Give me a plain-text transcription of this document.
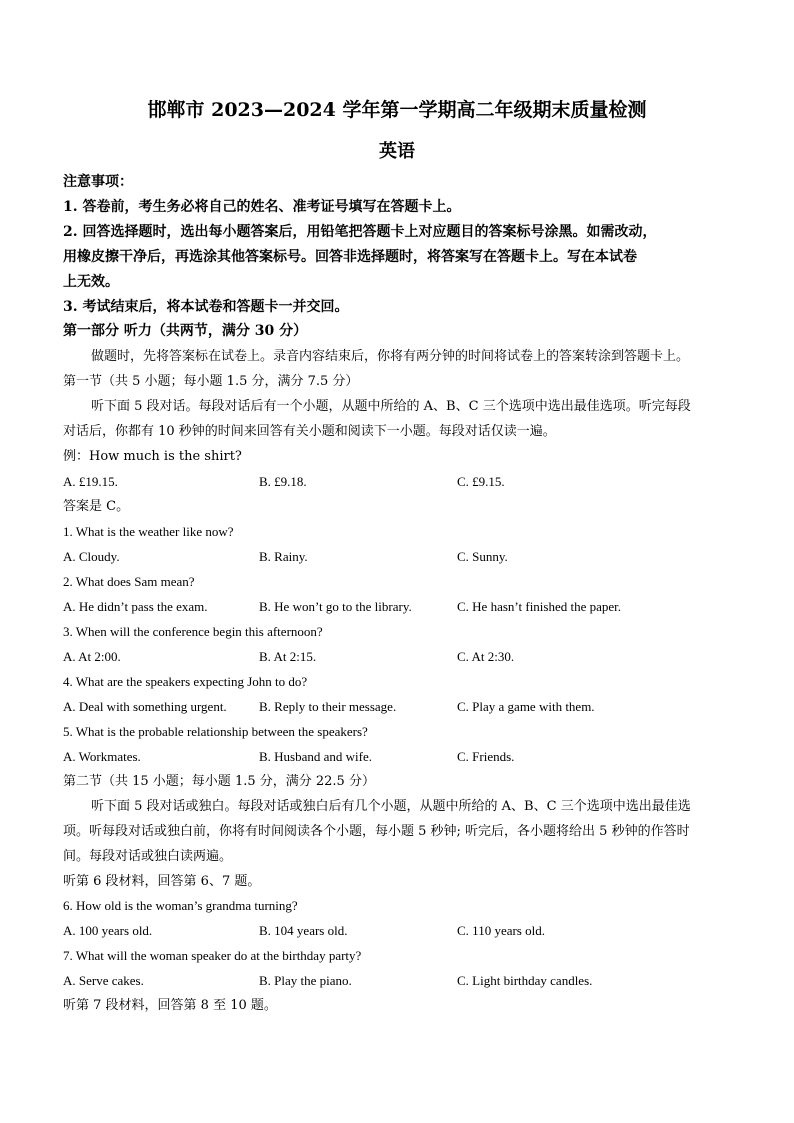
邯郸市 2023—2024 学年第一学期高二年级期末质量检测
英语
注意事项：
1. 答卷前，考生务必将自己的姓名、准考证号填写在答题卡上。
2. 回答选择题时，选出每小题答案后，用铅笔把答题卡上对应题目的答案标号涂黑。如需改动，
用橡皮擦干净后，再选涂其他答案标号。回答非选择题时，将答案写在答题卡上。写在本试卷
上无效。
3. 考试结束后，将本试卷和答题卡一并交回。
第一部分 听力（共两节，满分 30 分）
做题时，先将答案标在试卷上。录音内容结束后，你将有两分钟的时间将试卷上的答案转涂到答题卡上。
第一节（共 5 小题；每小题 1.5 分，满分 7.5 分）
听下面 5 段对话。每段对话后有一个小题，从题中所给的 A、B、C 三个选项中选出最佳选项。听完每段
对话后，你都有 10 秒钟的时间来回答有关小题和阅读下一小题。每段对话仅读一遍。
例：How much is the shirt?
A. £19.15.	B. £9.18.	C. £9.15.
答案是 C。
1. What is the weather like now?
A. Cloudy.	B. Rainy.	C. Sunny.
2. What does Sam mean?
A. He didn’t pass the exam.	B. He won’t go to the library.	C. He hasn’t finished the paper.
3. When will the conference begin this afternoon?
A. At 2:00.	B. At 2:15.	C. At 2:30.
4. What are the speakers expecting John to do?
A. Deal with something urgent. B. Reply to their message.	C. Play a game with them.
5. What is the probable relationship between the speakers?
A. Workmates.	B. Husband and wife.	C. Friends.
第二节（共 15 小题；每小题 1.5 分，满分 22.5 分）
听下面 5 段对话或独白。每段对话或独白后有几个小题，从题中所给的 A、B、C 三个选项中选出最佳选
项。听每段对话或独白前，你将有时间阅读各个小题，每小题 5 秒钟; 听完后，各小题将给出 5 秒钟的作答时
间。每段对话或独白读两遍。
听第 6 段材料，回答第 6、7 题。
6. How old is the woman’s grandma turning?
A. 100 years old.	B. 104 years old.	C. 110 years old.
7. What will the woman speaker do at the birthday party?
A. Serve cakes.	B. Play the piano.	C. Light birthday candles.
听第 7 段材料，回答第 8 至 10 题。
